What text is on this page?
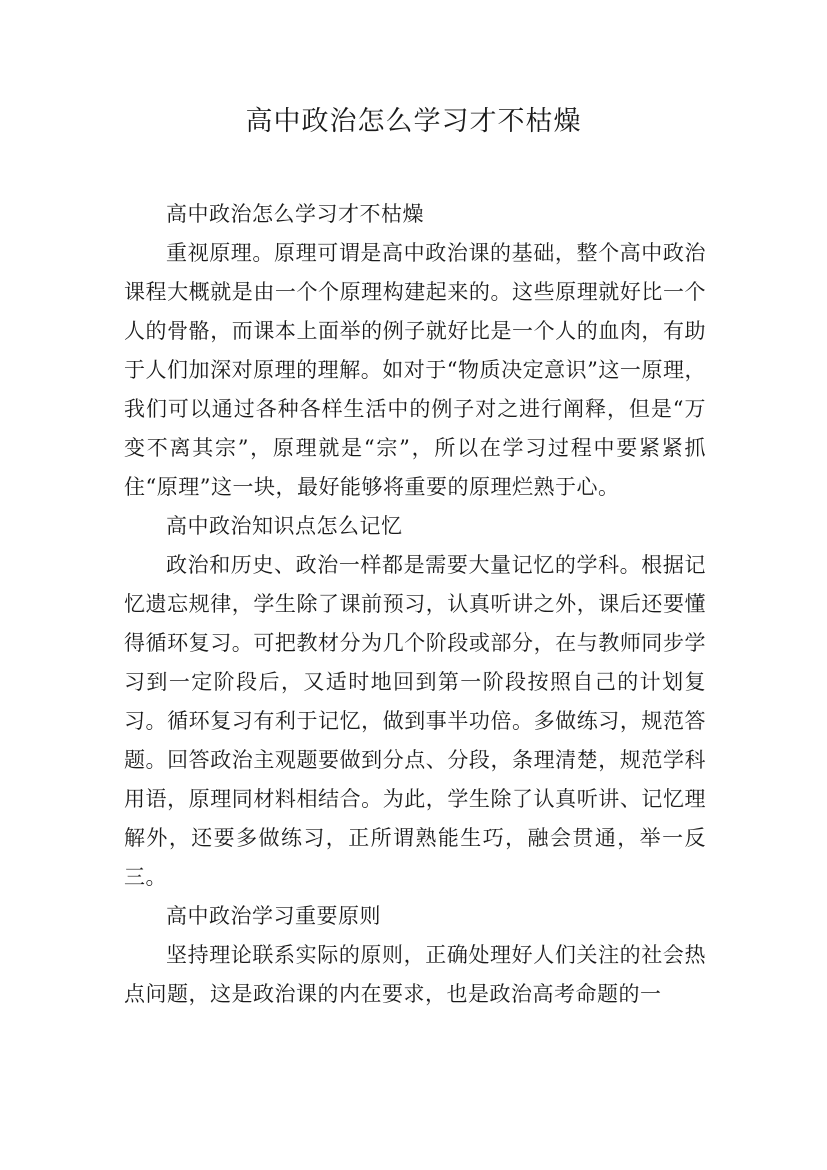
高中政治怎么学习才不枯燥

高中政治怎么学习才不枯燥

重视原理。原理可谓是高中政治课的基础，整个高中政治课程大概就是由一个个原理构建起来的。这些原理就好比一个人的骨骼，而课本上面举的例子就好比是一个人的血肉，有助于人们加深对原理的理解。如对于“物质决定意识”这一原理，我们可以通过各种各样生活中的例子对之进行阐释，但是“万变不离其宗”，原理就是“宗”，所以在学习过程中要紧紧抓住“原理”这一块，最好能够将重要的原理烂熟于心。

高中政治知识点怎么记忆

政治和历史、政治一样都是需要大量记忆的学科。根据记忆遗忘规律，学生除了课前预习，认真听讲之外，课后还要懂得循环复习。可把教材分为几个阶段或部分，在与教师同步学习到一定阶段后，又适时地回到第一阶段按照自己的计划复习。循环复习有利于记忆，做到事半功倍。多做练习，规范答题。回答政治主观题要做到分点、分段，条理清楚，规范学科用语，原理同材料相结合。为此，学生除了认真听讲、记忆理解外，还要多做练习，正所谓熟能生巧，融会贯通，举一反三。

高中政治学习重要原则

坚持理论联系实际的原则，正确处理好人们关注的社会热点问题，这是政治课的内在要求，也是政治高考命题的一
